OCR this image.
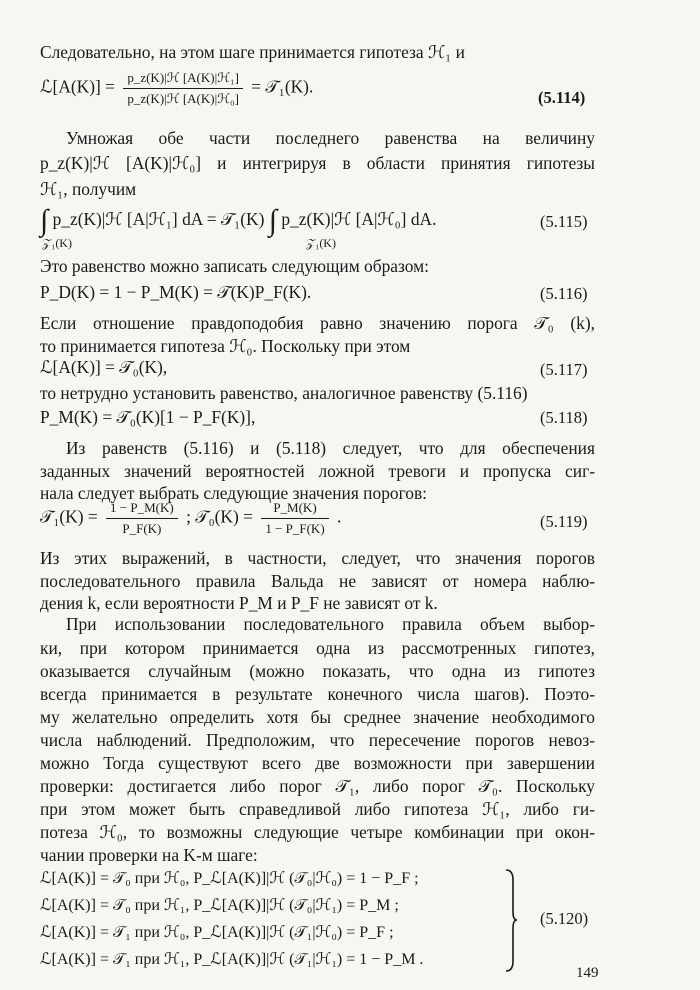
Следовательно, на этом шаге принимается гипотеза ℋ₁ и
ℒ[A(K)] = $\frac{\text{p\_z(K)|ℋ [A(K)|ℋ₁]}}{\text{p\_z(K)|ℋ [A(K)|ℋ₀]}}$ = 𝒯₁(K).
(5.114)
Умножая обе части последнего равенства на величину
p_z(K)|ℋ [A(K)|ℋ₀] и интегрируя в области принятия гипотезы
ℋ₁, получим
∫ p_z(K)|ℋ [A|ℋ₁] dA = 𝒯₁(K) ∫ p_z(K)|ℋ [A|ℋ₀] dA.
𝒵₁(K)	𝒵₁(K)
(5.115)
Это равенство можно записать следующим образом:
P_D(K) = 1 − P_M(K) = 𝒯(K)P_F(K).	(5.116)
Если отношение правдоподобия равно значению порога 𝒯₀ (k),
то принимается гипотеза ℋ₀. Поскольку при этом
ℒ[A(K)] = 𝒯₀(K),	(5.117)
то нетрудно установить равенство, аналогичное равенству (5.116)
P_M(K) = 𝒯₀(K)[1 − P_F(K)],	(5.118)
Из равенств (5.116) и (5.118) следует, что для обеспечения
заданных значений вероятностей ложной тревоги и пропуска сиг-
нала следует выбрать следующие значения порогов:
𝒯₁(K) = $\frac{1 - P\_M(K)}{P\_F(K)}$ ; 𝒯₀(K) = $\frac{P\_M(K)}{1 - P\_F(K)}$ .	(5.119)
Из этих выражений, в частности, следует, что значения порогов
последовательного правила Вальда не зависят от номера наблю-
дения k, если вероятности P_M и P_F не зависят от k.
При использовании последовательного правила объем выбор-
ки, при котором принимается одна из рассмотренных гипотез,
оказывается случайным (можно показать, что одна из гипотез
всегда принимается в результате конечного числа шагов). Поэто-
му желательно определить хотя бы среднее значение необходимого
числа наблюдений. Предположим, что пересечение порогов невоз-
можно Тогда существуют всего две возможности при завершении
проверки: достигается либо порог 𝒯₁, либо порог 𝒯₀. Поскольку
при этом может быть справедливой либо гипотеза ℋ₁, либо ги-
потеза ℋ₀, то возможны следующие четыре комбинации при окон-
чании проверки на K-м шаге:
ℒ[A(K)] = 𝒯₀ при ℋ₀, P_ℒ[A(K)]|ℋ (𝒯₀|ℋ₀) = 1 − P_F ;
ℒ[A(K)] = 𝒯₀ при ℋ₁, P_ℒ[A(K)]|ℋ (𝒯₀|ℋ₁) = P_M ;
ℒ[A(K)] = 𝒯₁ при ℋ₀, P_ℒ[A(K)]|ℋ (𝒯₁|ℋ₀) = P_F ;
ℒ[A(K)] = 𝒯₁ при ℋ₁, P_ℒ[A(K)]|ℋ (𝒯₁|ℋ₁) = 1 − P_M .
(5.120)
149
